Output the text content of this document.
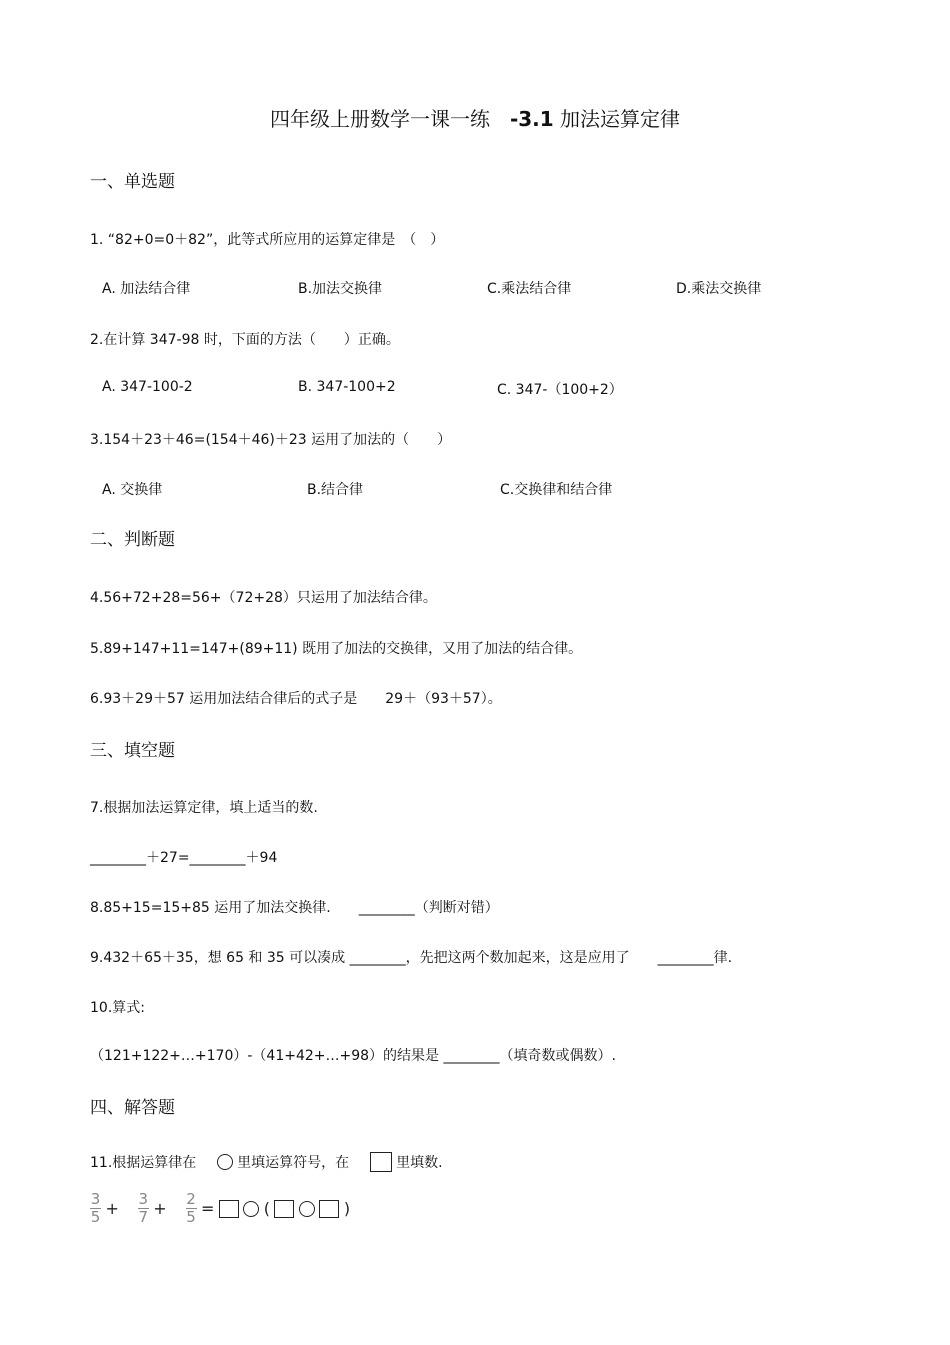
四年级上册数学一课一练　 -3.1 加法运算定律
一、单选题
1. “82+0=0＋82”，此等式所应用的运算定律是　（　）
A. 加法结合律	B.加法交换律	C.乘法结合律	D.乘法交换律
2.在计算 347-98 时，下面的方法（　　）正确。
A. 347-100-2	B. 347-100+2	C. 347-（100+2）
3.154＋23＋46=(154＋46)＋23 运用了加法的（　　）
A. 交换律	B.结合律	C.交换律和结合律
二、判断题
4.56+72+28=56+（72+28）只运用了加法结合律。
5.89+147+11=147+(89+11) 既用了加法的交换律，又用了加法的结合律。
6.93＋29＋57 运用加法结合律后的式子是　　29＋（93＋57）。
三、填空题
7.根据加法运算定律，填上适当的数.
________＋27=________＋94
8.85+15=15+85 运用了加法交换律.　　________（判断对错）
9.432＋65＋35，想 65 和 35 可以凑成 ________，先把这两个数加起来，这是应用了　　________律.
10.算式:
（121+122+…+170）-（41+42+…+98）的结果是 ________（填奇数或偶数）.
四、解答题
11.根据运算律在	里填运算符号，在	里填数.
$\frac{3}{5} + \frac{3}{7} + \frac{2}{5}$ =	(	)
